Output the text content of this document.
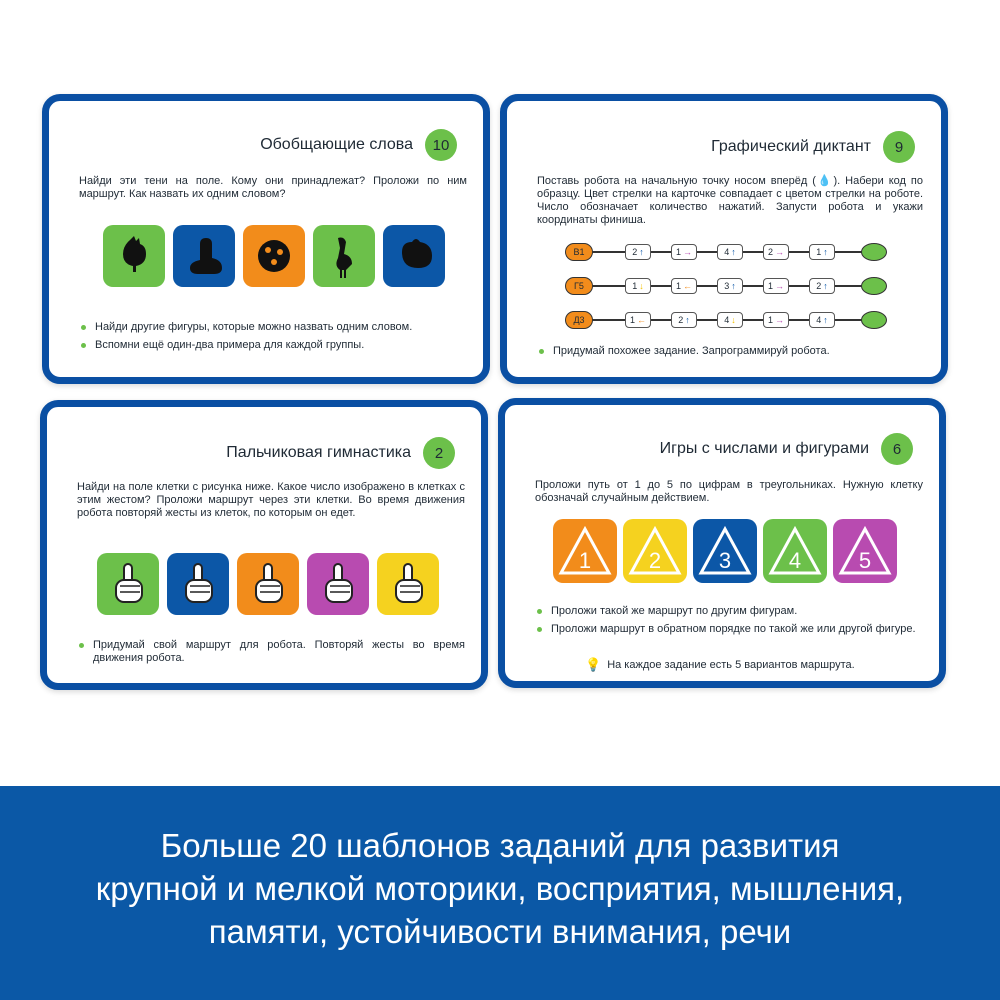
Обобщающие слова	10
Найди эти тени на поле. Кому они принадлежат? Проложи по ним маршрут. Как назвать их одним словом?
Найди другие фигуры, которые можно назвать одним словом.
Вспомни ещё один-два примера для каждой группы.
Графический диктант	9
Поставь робота на начальную точку носом вперёд (💧). Набери код по образцу. Цвет стрелки на карточке совпадает с цветом стрелки на роботе. Число обозначает количество нажатий. Запусти робота и укажи координаты финиша.
Придумай похожее задание. Запрограммируй робота.
В1	2 ↑	1 →	4 ↑	2 →	1 ↑
Г5	1 ↓	1 ←	3 ↑	1 →	2 ↑
Д3	1 ←	2 ↑	4 ↓	1 →	4 ↑
Пальчиковая гимнастика	2
Найди на поле клетки с рисунка ниже. Какое число изображено в клетках с этим жестом? Проложи маршрут через эти клетки. Во время движения робота повторяй жесты из клеток, по которым он едет.
Придумай свой маршрут для робота. Повторяй жесты во время движения робота.
Игры с числами и фигурами	6
Проложи путь от 1 до 5 по цифрам в треугольниках. Нужную клетку обозначай случайным действием.
Проложи такой же маршрут по другим фигурам.
Проложи маршрут в обратном порядке по такой же или другой фигуре.
💡 На каждое задание есть 5 вариантов маршрута.
1	2	3	4	5
Больше 20 шаблонов заданий для развития
крупной и мелкой моторики, восприятия, мышления,
памяти, устойчивости внимания, речи
